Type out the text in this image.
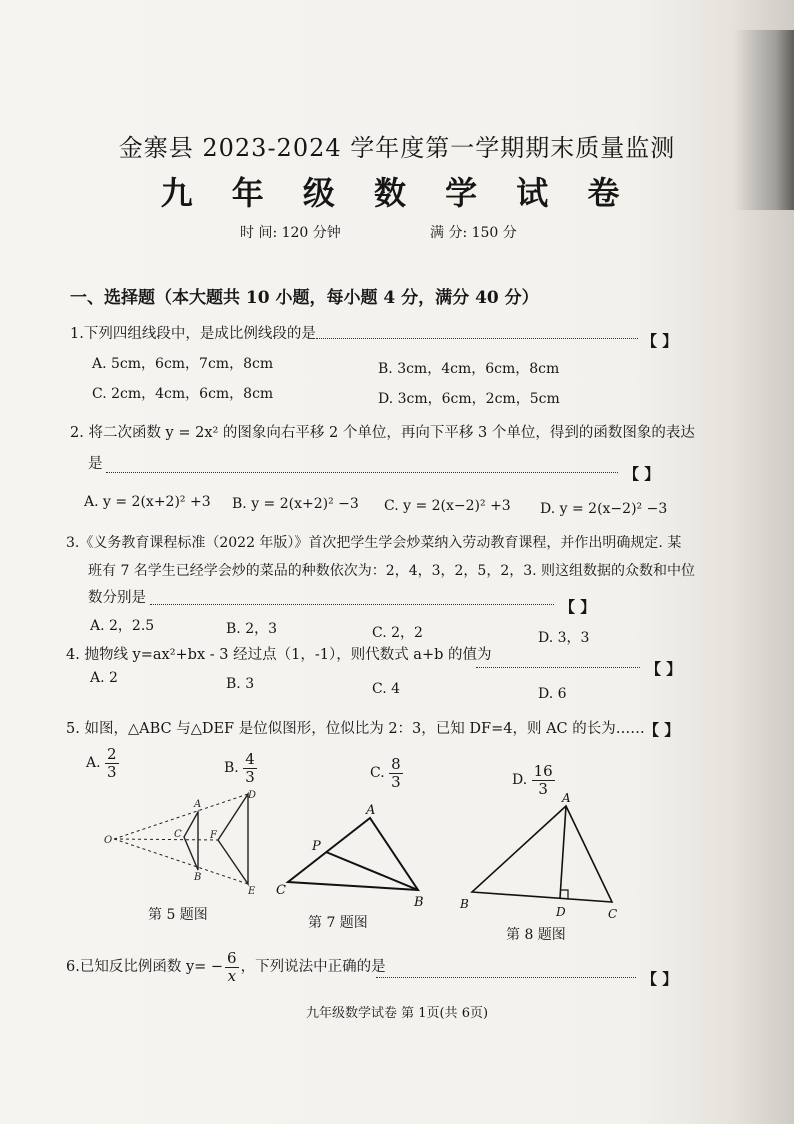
金寨县 2023-2024 学年度第一学期期末质量监测
九 年 级 数 学 试 卷
时 间: 120 分钟	满 分: 150 分
一、选择题（本大题共 10 小题，每小题 4 分，满分 40 分）
1.下列四组线段中，是成比例线段的是	【 】
A. 5cm，6cm，7cm，8cm	B. 3cm，4cm，6cm，8cm
C. 2cm，4cm，6cm，8cm	D. 3cm，6cm，2cm，5cm
2. 将二次函数 y = 2x² 的图象向右平移 2 个单位，再向下平移 3 个单位，得到的函数图象的表达
是
【 】
A. y = 2(x+2)² +3 B. y = 2(x+2)² −3 C. y = 2(x−2)² +3 D. y = 2(x−2)² −3
3.《义务教育课程标准（2022 年版）》首次把学生学会炒菜纳入劳动教育课程，并作出明确规定. 某
班有 7 名学生已经学会炒的菜品的种数依次为：2，4，3，2，5，2，3. 则这组数据的众数和中位
数分别是	【 】
A. 2，2.5	B. 2，3	C. 2，2	D. 3，3
4. 抛物线 y=ax²+bx - 3 经过点（1，-1），则代数式 a+b 的值为
【 】
A. 2	B. 3	C. 4	D. 6
5. 如图，△ABC 与△DEF 是位似图形，位似比为 2：3，已知 DF=4，则 AC 的长为…… 【 】
A. $\frac{2}{3}$	B. $\frac{4}{3}$	C. $\frac{8}{3}$	D. $\frac{16}{3}$
O
A
B
C
D
E
F
第 5 题图
A
C
B
P
第 7 题图
A
B
D	C
第 8 题图
6.已知反比例函数 $y= - \frac{6}{x}$ ，下列说法中正确的是
【 】
九年级数学试卷 第 1页(共 6页)
